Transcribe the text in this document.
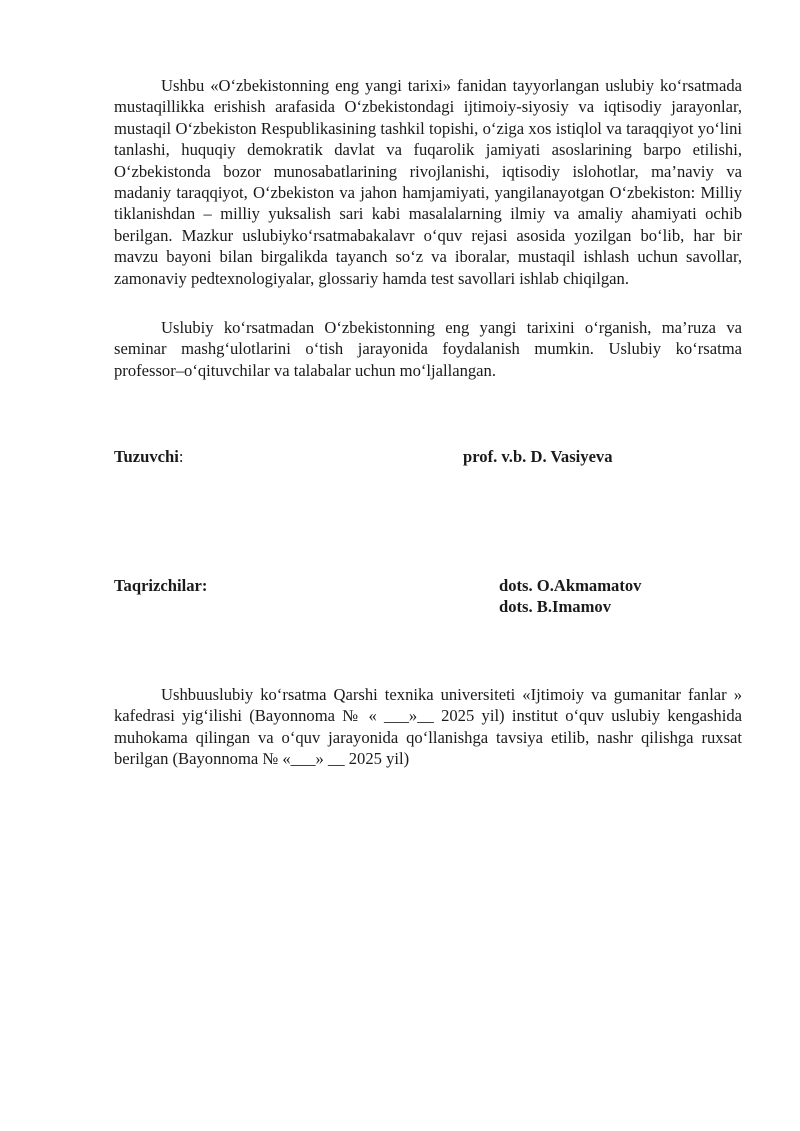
Ushbu «O‘zbekistonning eng yangi tarixi» fanidan tayyorlangan uslubiy ko‘rsatmada mustaqillikka erishish arafasida O‘zbekistondagi ijtimoiy-siyosiy va iqtisodiy jarayonlar, mustaqil O‘zbekiston Respublikasining tashkil topishi, o‘ziga xos istiqlol va taraqqiyot yo‘lini tanlashi, huquqiy demokratik davlat va fuqarolik jamiyati asoslarining barpo etilishi, O‘zbekistonda bozor munosabatlarining rivojlanishi, iqtisodiy islohotlar, ma’naviy va madaniy taraqqiyot, O‘zbekiston va jahon hamjamiyati, yangilanayotgan O‘zbekiston: Milliy tiklanishdan – milliy yuksalish sari kabi masalalarning ilmiy va amaliy ahamiyati ochib berilgan. Mazkur uslubiyko‘rsatmabakalavr o‘quv rejasi asosida yozilgan bo‘lib, har bir mavzu bayoni bilan birgalikda tayanch so‘z va iboralar, mustaqil ishlash uchun savollar, zamonaviy pedtexnologiyalar, glossariy hamda test savollari ishlab chiqilgan.

Uslubiy ko‘rsatmadan O‘zbekistonning eng yangi tarixini o‘rganish, ma’ruza va seminar mashg‘ulotlarini o‘tish jarayonida foydalanish mumkin. Uslubiy ko‘rsatma professor–o‘qituvchilar va talabalar uchun mo‘ljallangan.

Tuzuvchi:	prof. v.b. D. Vasiyeva
Taqrizchilar:	dots. O.Akmamatov
dots. B.Imamov

Ushbuuslubiy ko‘rsatma Qarshi texnika universiteti «Ijtimoiy va gumanitar fanlar » kafedrasi yig‘ilishi (Bayonnoma № « ___»__ 2025 yil) institut o‘quv uslubiy kengashida muhokama qilingan va o‘quv jarayonida qo‘llanishga tavsiya etilib, nashr qilishga ruxsat berilgan (Bayonnoma № «___» __ 2025 yil)
